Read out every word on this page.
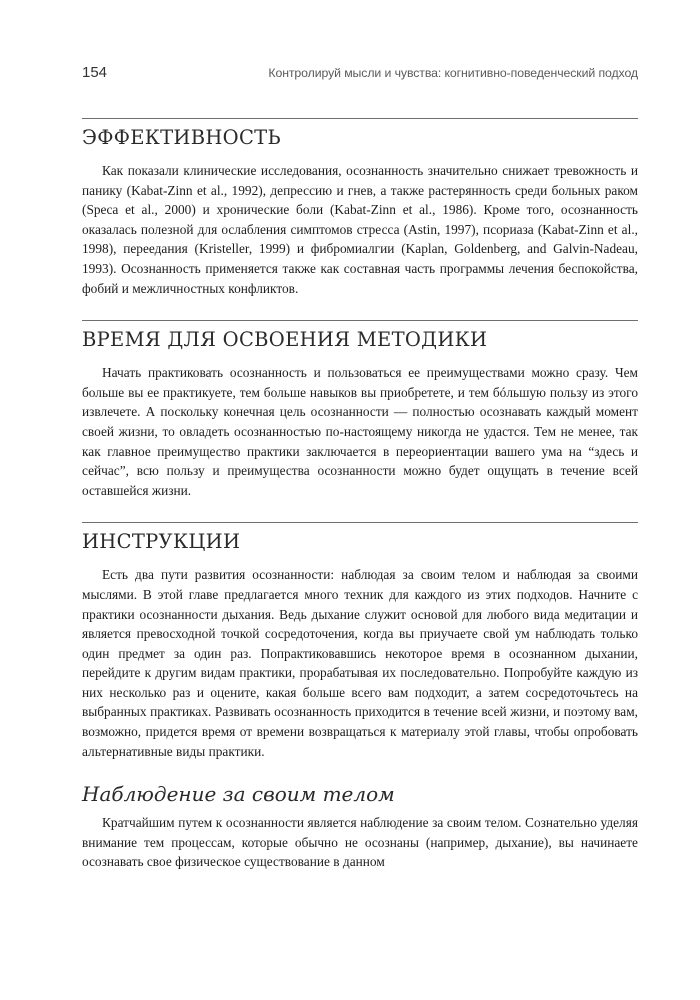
154	Контролируй мысли и чувства: когнитивно-поведенческий подход
ЭФФЕКТИВНОСТЬ

Как показали клинические исследования, осознанность значительно снижает тревожность и панику (Kabat-Zinn et al., 1992), депрессию и гнев, а также растерянность среди больных раком (Speca et al., 2000) и хронические боли (Kabat-Zinn et al., 1986). Кроме того, осознанность оказалась полезной для ослабления симптомов стресса (Astin, 1997), псориаза (Kabat-Zinn et al., 1998), переедания (Kristeller, 1999) и фибромиалгии (Kaplan, Goldenberg, and Galvin-Nadeau, 1993). Осознанность применяется также как составная часть программы лечения беспокойства, фобий и межличностных конфликтов.

ВРЕМЯ ДЛЯ ОСВОЕНИЯ МЕТОДИКИ

Начать практиковать осознанность и пользоваться ее преимуществами можно сразу. Чем больше вы ее практикуете, тем больше навыков вы приобретете, и тем бóльшую пользу из этого извлечете. А поскольку конечная цель осознанности — полностью осознавать каждый момент своей жизни, то овладеть осознанностью по-настоящему никогда не удастся. Тем не менее, так как главное преимущество практики заключается в переориентации вашего ума на “здесь и сейчас”, всю пользу и преимущества осознанности можно будет ощущать в течение всей оставшейся жизни.

ИНСТРУКЦИИ

Есть два пути развития осознанности: наблюдая за своим телом и наблюдая за своими мыслями. В этой главе предлагается много техник для каждого из этих подходов. Начните с практики осознанности дыхания. Ведь дыхание служит основой для любого вида медитации и является превосходной точкой сосредоточения, когда вы приучаете свой ум наблюдать только один предмет за один раз. Попрактиковавшись некоторое время в осознанном дыхании, перейдите к другим видам практики, прорабатывая их последовательно. Попробуйте каждую из них несколько раз и оцените, какая больше всего вам подходит, а затем сосредоточьтесь на выбранных практиках. Развивать осознанность приходится в течение всей жизни, и поэтому вам, возможно, придется время от времени возвращаться к материалу этой главы, чтобы опробовать альтернативные виды практики.

Наблюдение за своим телом

Кратчайшим путем к осознанности является наблюдение за своим телом. Сознательно уделяя внимание тем процессам, которые обычно не осознаны (например, дыхание), вы начинаете осознавать свое физическое существование в данном
